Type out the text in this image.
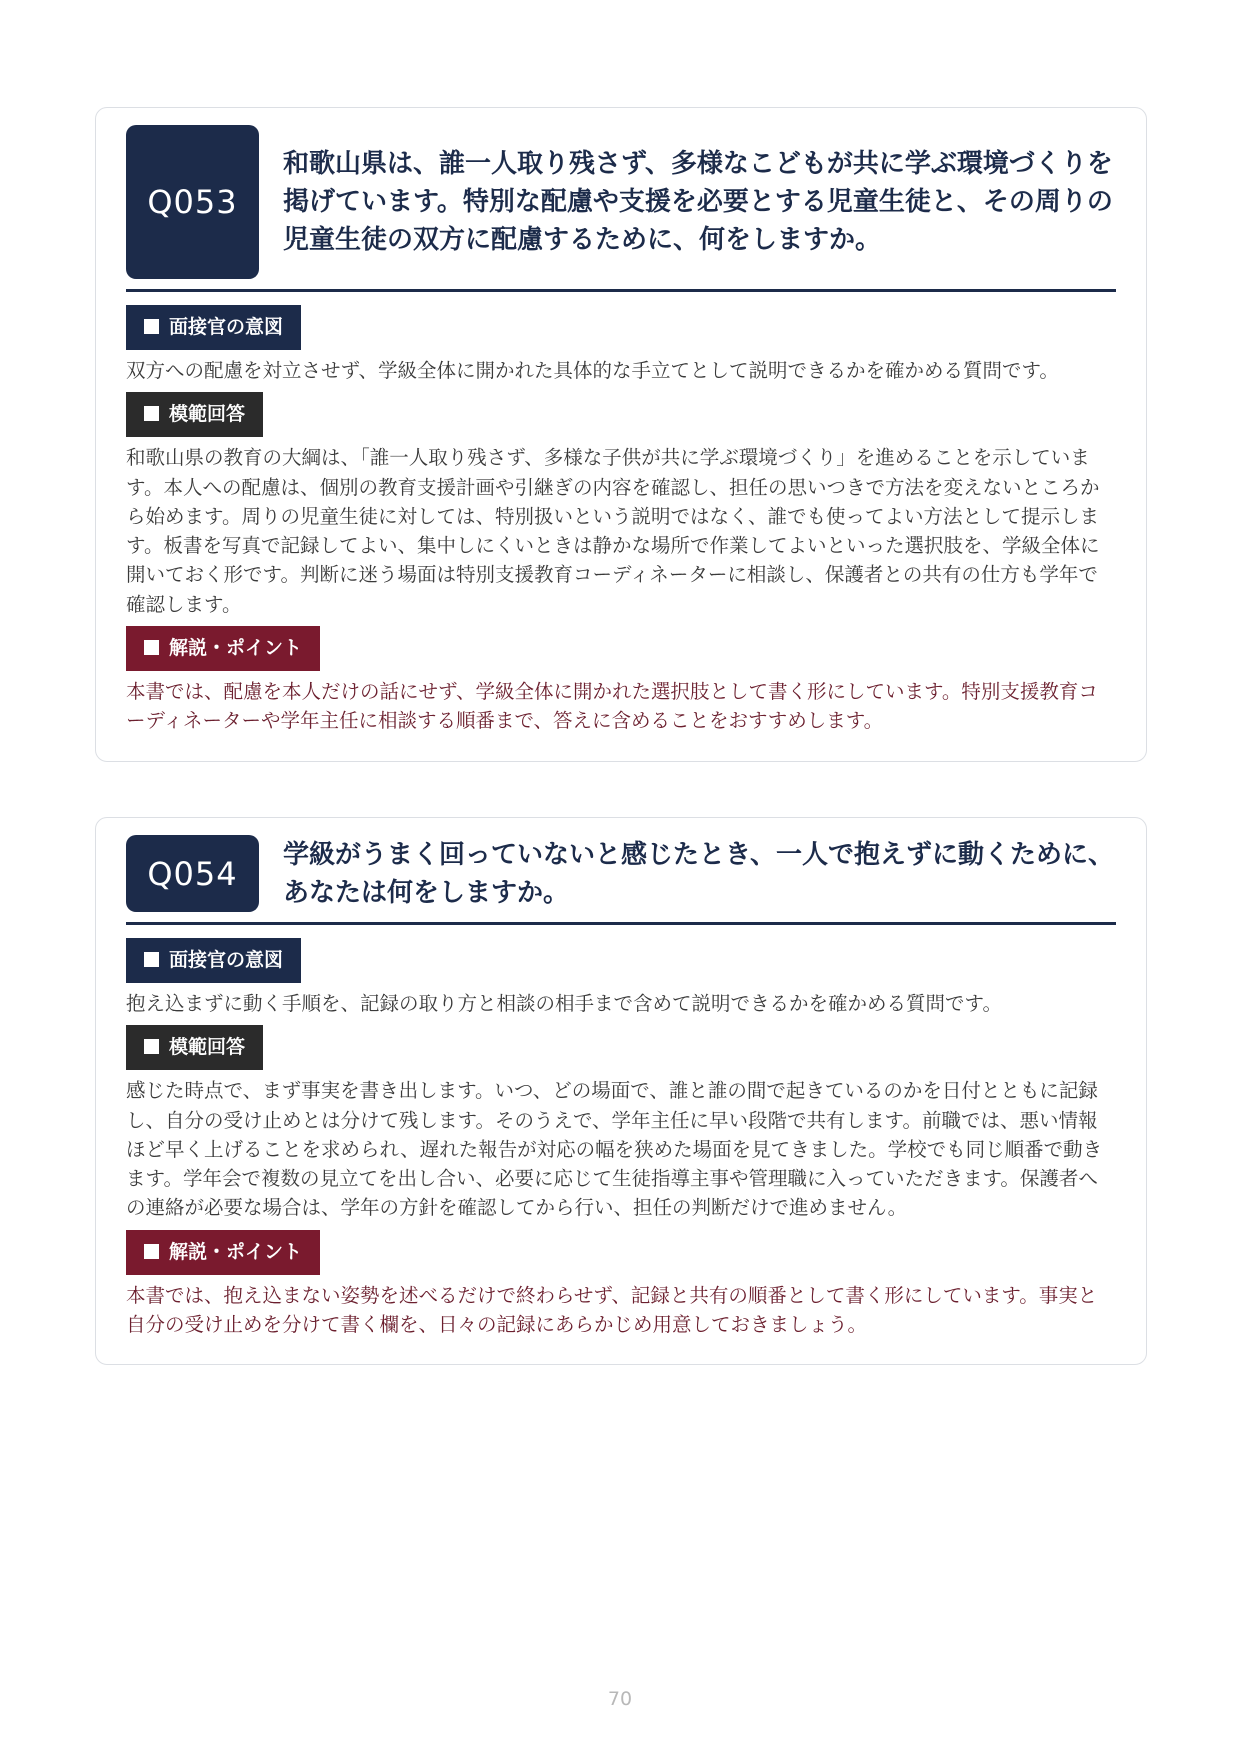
Q053
和歌山県は、誰一人取り残さず、多様なこどもが共に学ぶ環境づくりを掲げています。特別な配慮や支援を必要とする児童生徒と、その周りの児童生徒の双方に配慮するために、何をしますか。
面接官の意図
双方への配慮を対立させず、学級全体に開かれた具体的な手立てとして説明できるかを確かめる質問です。
模範回答
和歌山県の教育の大綱は、「誰一人取り残さず、多様な子供が共に学ぶ環境づくり」を進めることを示しています。本人への配慮は、個別の教育支援計画や引継ぎの内容を確認し、担任の思いつきで方法を変えないところから始めます。周りの児童生徒に対しては、特別扱いという説明ではなく、誰でも使ってよい方法として提示します。板書を写真で記録してよい、集中しにくいときは静かな場所で作業してよいといった選択肢を、学級全体に開いておく形です。判断に迷う場面は特別支援教育コーディネーターに相談し、保護者との共有の仕方も学年で確認します。
解説・ポイント
本書では、配慮を本人だけの話にせず、学級全体に開かれた選択肢として書く形にしています。特別支援教育コーディネーターや学年主任に相談する順番まで、答えに含めることをおすすめします。
Q054	学級がうまく回っていないと感じたとき、一人で抱えずに動くために、あなたは何をしますか。
面接官の意図
抱え込まずに動く手順を、記録の取り方と相談の相手まで含めて説明できるかを確かめる質問です。
模範回答
感じた時点で、まず事実を書き出します。いつ、どの場面で、誰と誰の間で起きているのかを日付とともに記録し、自分の受け止めとは分けて残します。そのうえで、学年主任に早い段階で共有します。前職では、悪い情報ほど早く上げることを求められ、遅れた報告が対応の幅を狭めた場面を見てきました。学校でも同じ順番で動きます。学年会で複数の見立てを出し合い、必要に応じて生徒指導主事や管理職に入っていただきます。保護者への連絡が必要な場合は、学年の方針を確認してから行い、担任の判断だけで進めません。
解説・ポイント
本書では、抱え込まない姿勢を述べるだけで終わらせず、記録と共有の順番として書く形にしています。事実と自分の受け止めを分けて書く欄を、日々の記録にあらかじめ用意しておきましょう。
70
